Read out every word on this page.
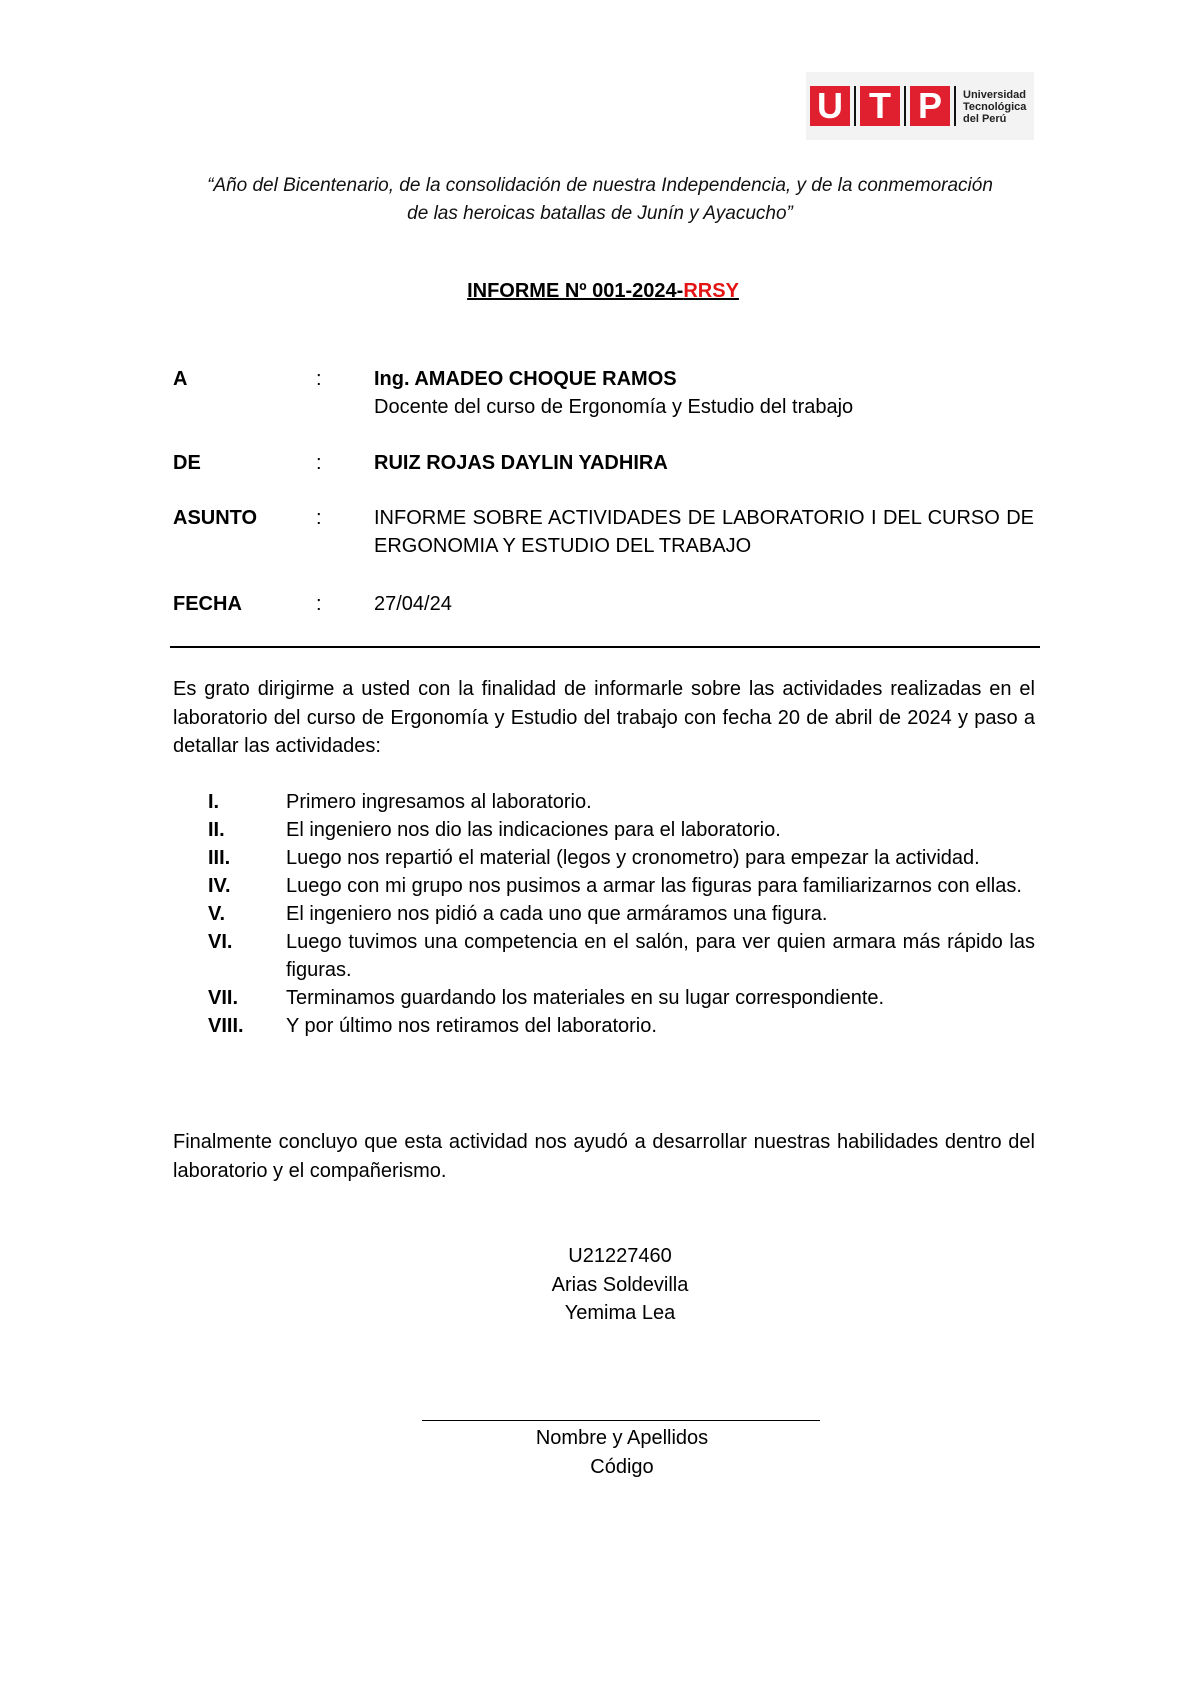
U T P	Universidad
Tecnológica
del Perú
“Año del Bicentenario, de la consolidación de nuestra Independencia, y de la conmemoración
de las heroicas batallas de Junín y Ayacucho”
INFORME Nº 001-2024-RRSY
A	:	Ing. AMADEO CHOQUE RAMOS
Docente del curso de Ergonomía y Estudio del trabajo
DE	:	RUIZ ROJAS DAYLIN YADHIRA
ASUNTO	:	INFORME SOBRE ACTIVIDADES DE LABORATORIO I DEL CURSO DE ERGONOMIA Y ESTUDIO DEL TRABAJO
FECHA	:	27/04/24
Es grato dirigirme a usted con la finalidad de informarle sobre las actividades realizadas en el laboratorio del curso de Ergonomía y Estudio del trabajo con fecha 20 de abril de 2024 y paso a detallar las actividades:
I.	Primero ingresamos al laboratorio.
II.	El ingeniero nos dio las indicaciones para el laboratorio.
III.	Luego nos repartió el material (legos y cronometro) para empezar la actividad.
IV.	Luego con mi grupo nos pusimos a armar las figuras para familiarizarnos con ellas.
V.	El ingeniero nos pidió a cada uno que armáramos una figura.
VI.	Luego tuvimos una competencia en el salón, para ver quien armara más rápido las figuras.
VII. Terminamos guardando los materiales en su lugar correspondiente.
VIII. Y por último nos retiramos del laboratorio.
Finalmente concluyo que esta actividad nos ayudó a desarrollar nuestras habilidades dentro del laboratorio y el compañerismo.
U21227460
Arias Soldevilla
Yemima Lea
Nombre y Apellidos
Código
